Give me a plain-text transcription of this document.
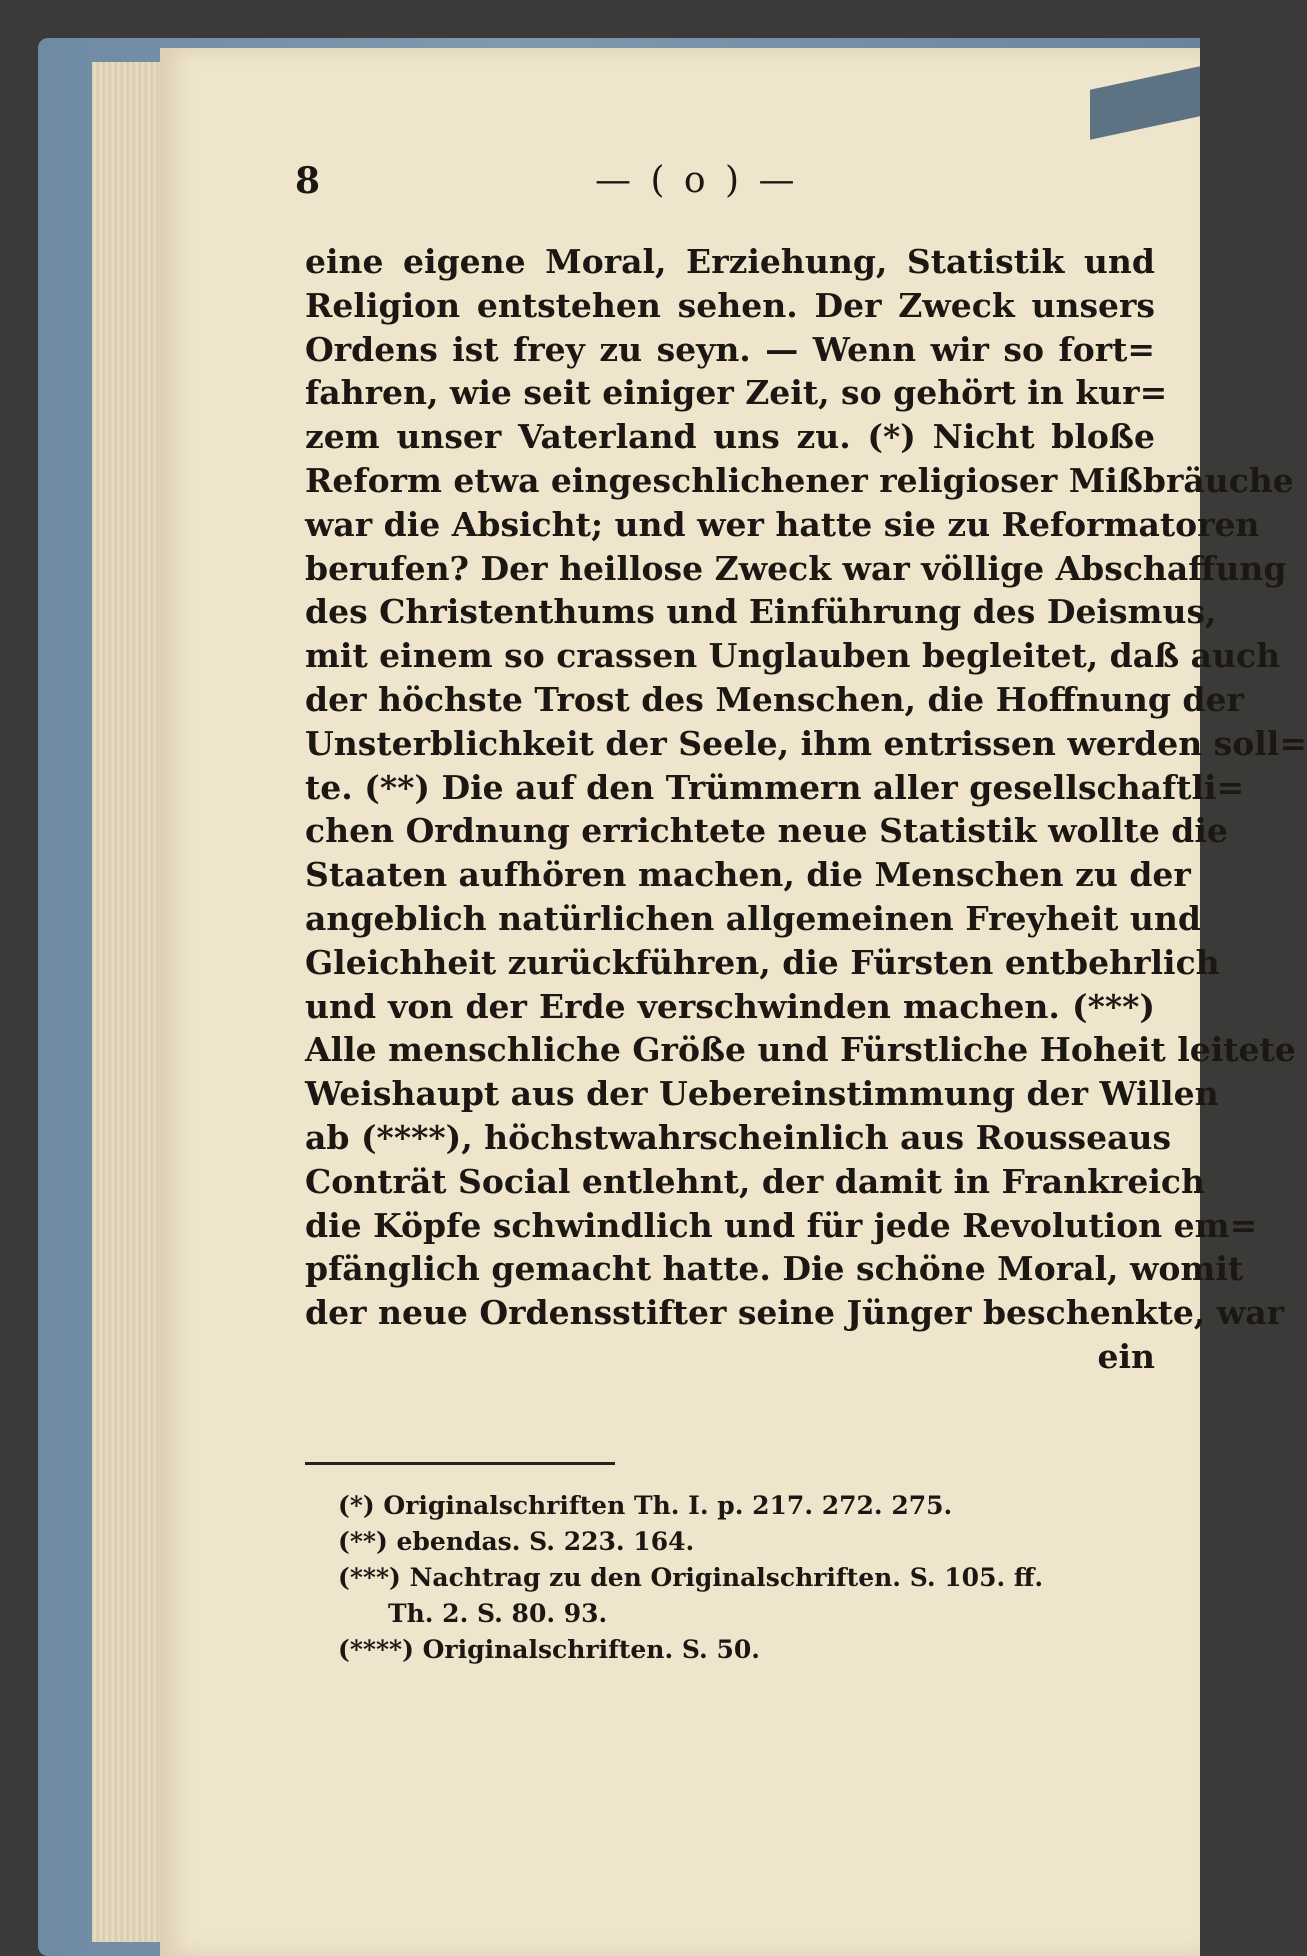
8	— ( o ) —
eine eigene Moral, Erziehung, Statistik und
Religion entstehen sehen. Der Zweck unsers
Ordens ist frey zu seyn. — Wenn wir so fort=
fahren, wie seit einiger Zeit, so gehört in kur=
zem unser Vaterland uns zu. (*) Nicht bloße
Reform etwa eingeschlichener religioser Mißbräuche
war die Absicht; und wer hatte sie zu Reformatoren
berufen? Der heillose Zweck war völlige Abschaffung
des Christenthums und Einführung des Deismus,
mit einem so crassen Unglauben begleitet, daß auch
der höchste Trost des Menschen, die Hoffnung der
Unsterblichkeit der Seele, ihm entrissen werden soll=
te. (**) Die auf den Trümmern aller gesellschaftli=
chen Ordnung errichtete neue Statistik wollte die
Staaten aufhören machen, die Menschen zu der
angeblich natürlichen allgemeinen Freyheit und
Gleichheit zurückführen, die Fürsten entbehrlich
und von der Erde verschwinden machen. (***)
Alle menschliche Größe und Fürstliche Hoheit leitete
Weishaupt aus der Uebereinstimmung der Willen
ab (****), höchstwahrscheinlich aus Rousseaus
Conträt Social entlehnt, der damit in Frankreich
die Köpfe schwindlich und für jede Revolution em=
pfänglich gemacht hatte. Die schöne Moral, womit
der neue Ordensstifter seine Jünger beschenkte, war
ein
(*) Originalschriften Th. I. p. 217. 272. 275.
(**) ebendas. S. 223. 164.
(***) Nachtrag zu den Originalschriften. S. 105. ff.
Th. 2. S. 80. 93.
(****) Originalschriften. S. 50.
